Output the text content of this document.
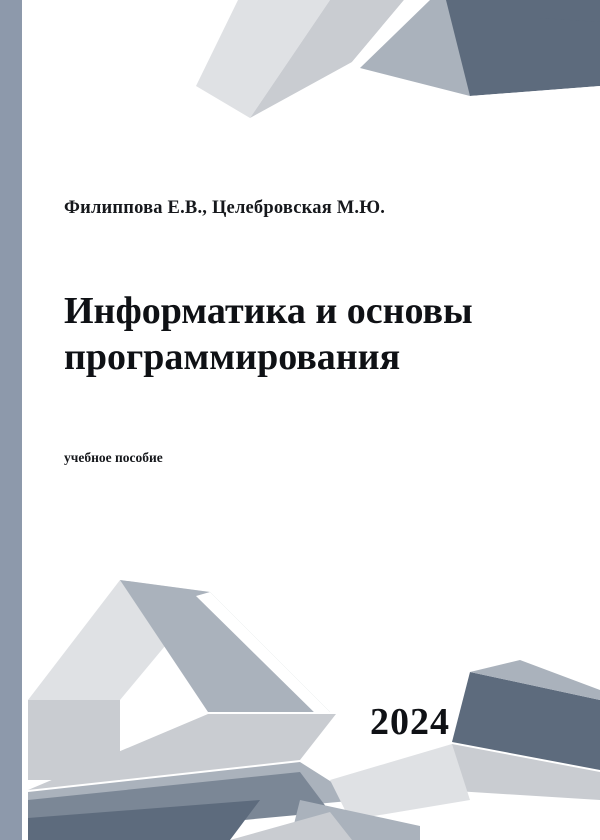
Филиппова Е.В., Целебровская М.Ю.
Информатика и основы
программирования
учебное пособие
2024
